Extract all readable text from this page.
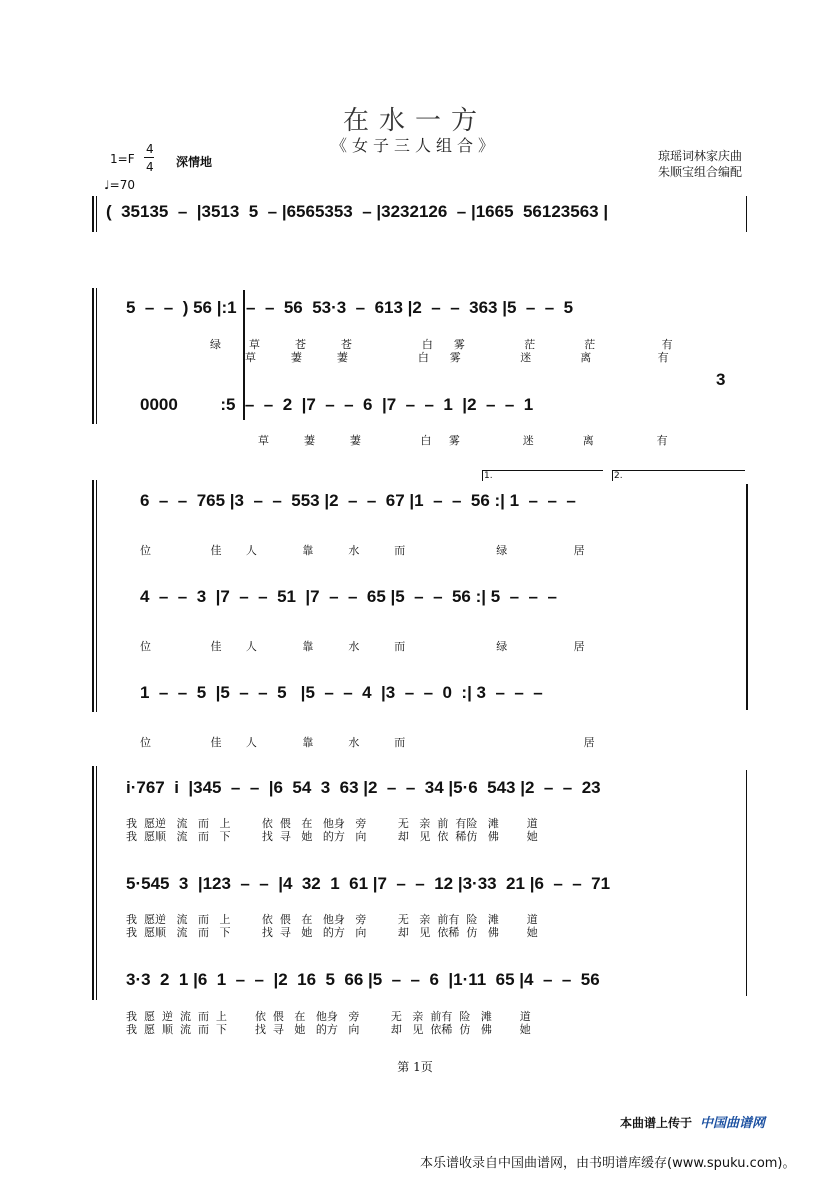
在水一方
《女子三人组合》
1=F
4
4 深情地
♩=70
琼瑶词林家庆曲
朱顺宝组合编配
(  35135  –  |3513  5  – |6565353  – |3232126  – |1665  56123563 |
5  –  –  ) 56 |:1  –  –  56  53·3  –  613 |2  –  –  363 |5  –  –  5
绿        草          苍          苍                    白      雾                 茫              茫                   有
草          萋          萋                    白      雾                 迷              离                   有
3
0000         :5  –  –  2  |7  –  –  6  |7  –  –  1  |2  –  –  1
草          萋          萋                 白     雾                  迷              离                  有
1.	2.
6  –  –  765 |3  –  –  553 |2  –  –  67 |1  –  –  56 :| 1  –  –  –
位                 佳       人             靠          水          而                          绿                   居
4  –  –  3  |7  –  –  51  |7  –  –  65 |5  –  –  56 :| 5  –  –  –
位                 佳       人             靠          水          而                          绿                   居
1  –  –  5  |5  –  –  5   |5  –  –  4  |3  –  –  0  :| 3  –  –  –
位                 佳       人             靠          水          而                                                   居
i·767  i  |345  –  –  |6  54  3  63 |2  –  –  34 |5·6  543 |2  –  –  23
我  愿逆   流   而   上         依  偎   在   他身   旁         无   亲  前  有险   滩        道
我  愿顺   流   而   下         找  寻   她   的方   向         却   见  依  稀仿   佛        她
5·545  3  |123  –  –  |4  32  1  61 |7  –  –  12 |3·33  21 |6  –  –  71
我  愿逆   流   而   上         依  偎   在   他身   旁         无   亲  前有  险   滩        道
我  愿顺   流   而   下         找  寻   她   的方   向         却   见  依稀  仿   佛        她
3·3  2  1 |6  1  –  –  |2  16  5  66 |5  –  –  6  |1·11  65 |4  –  –  56
我  愿  逆  流  而  上        依  偎   在   他身   旁         无   亲  前有  险   滩        道
我  愿  顺  流  而  下        找  寻   她   的方   向         却   见  依稀  仿   佛        她
第 1页
本曲谱上传于 中国曲谱网
本乐谱收录自中国曲谱网，由书明谱库缓存(www.spuku.com)。
